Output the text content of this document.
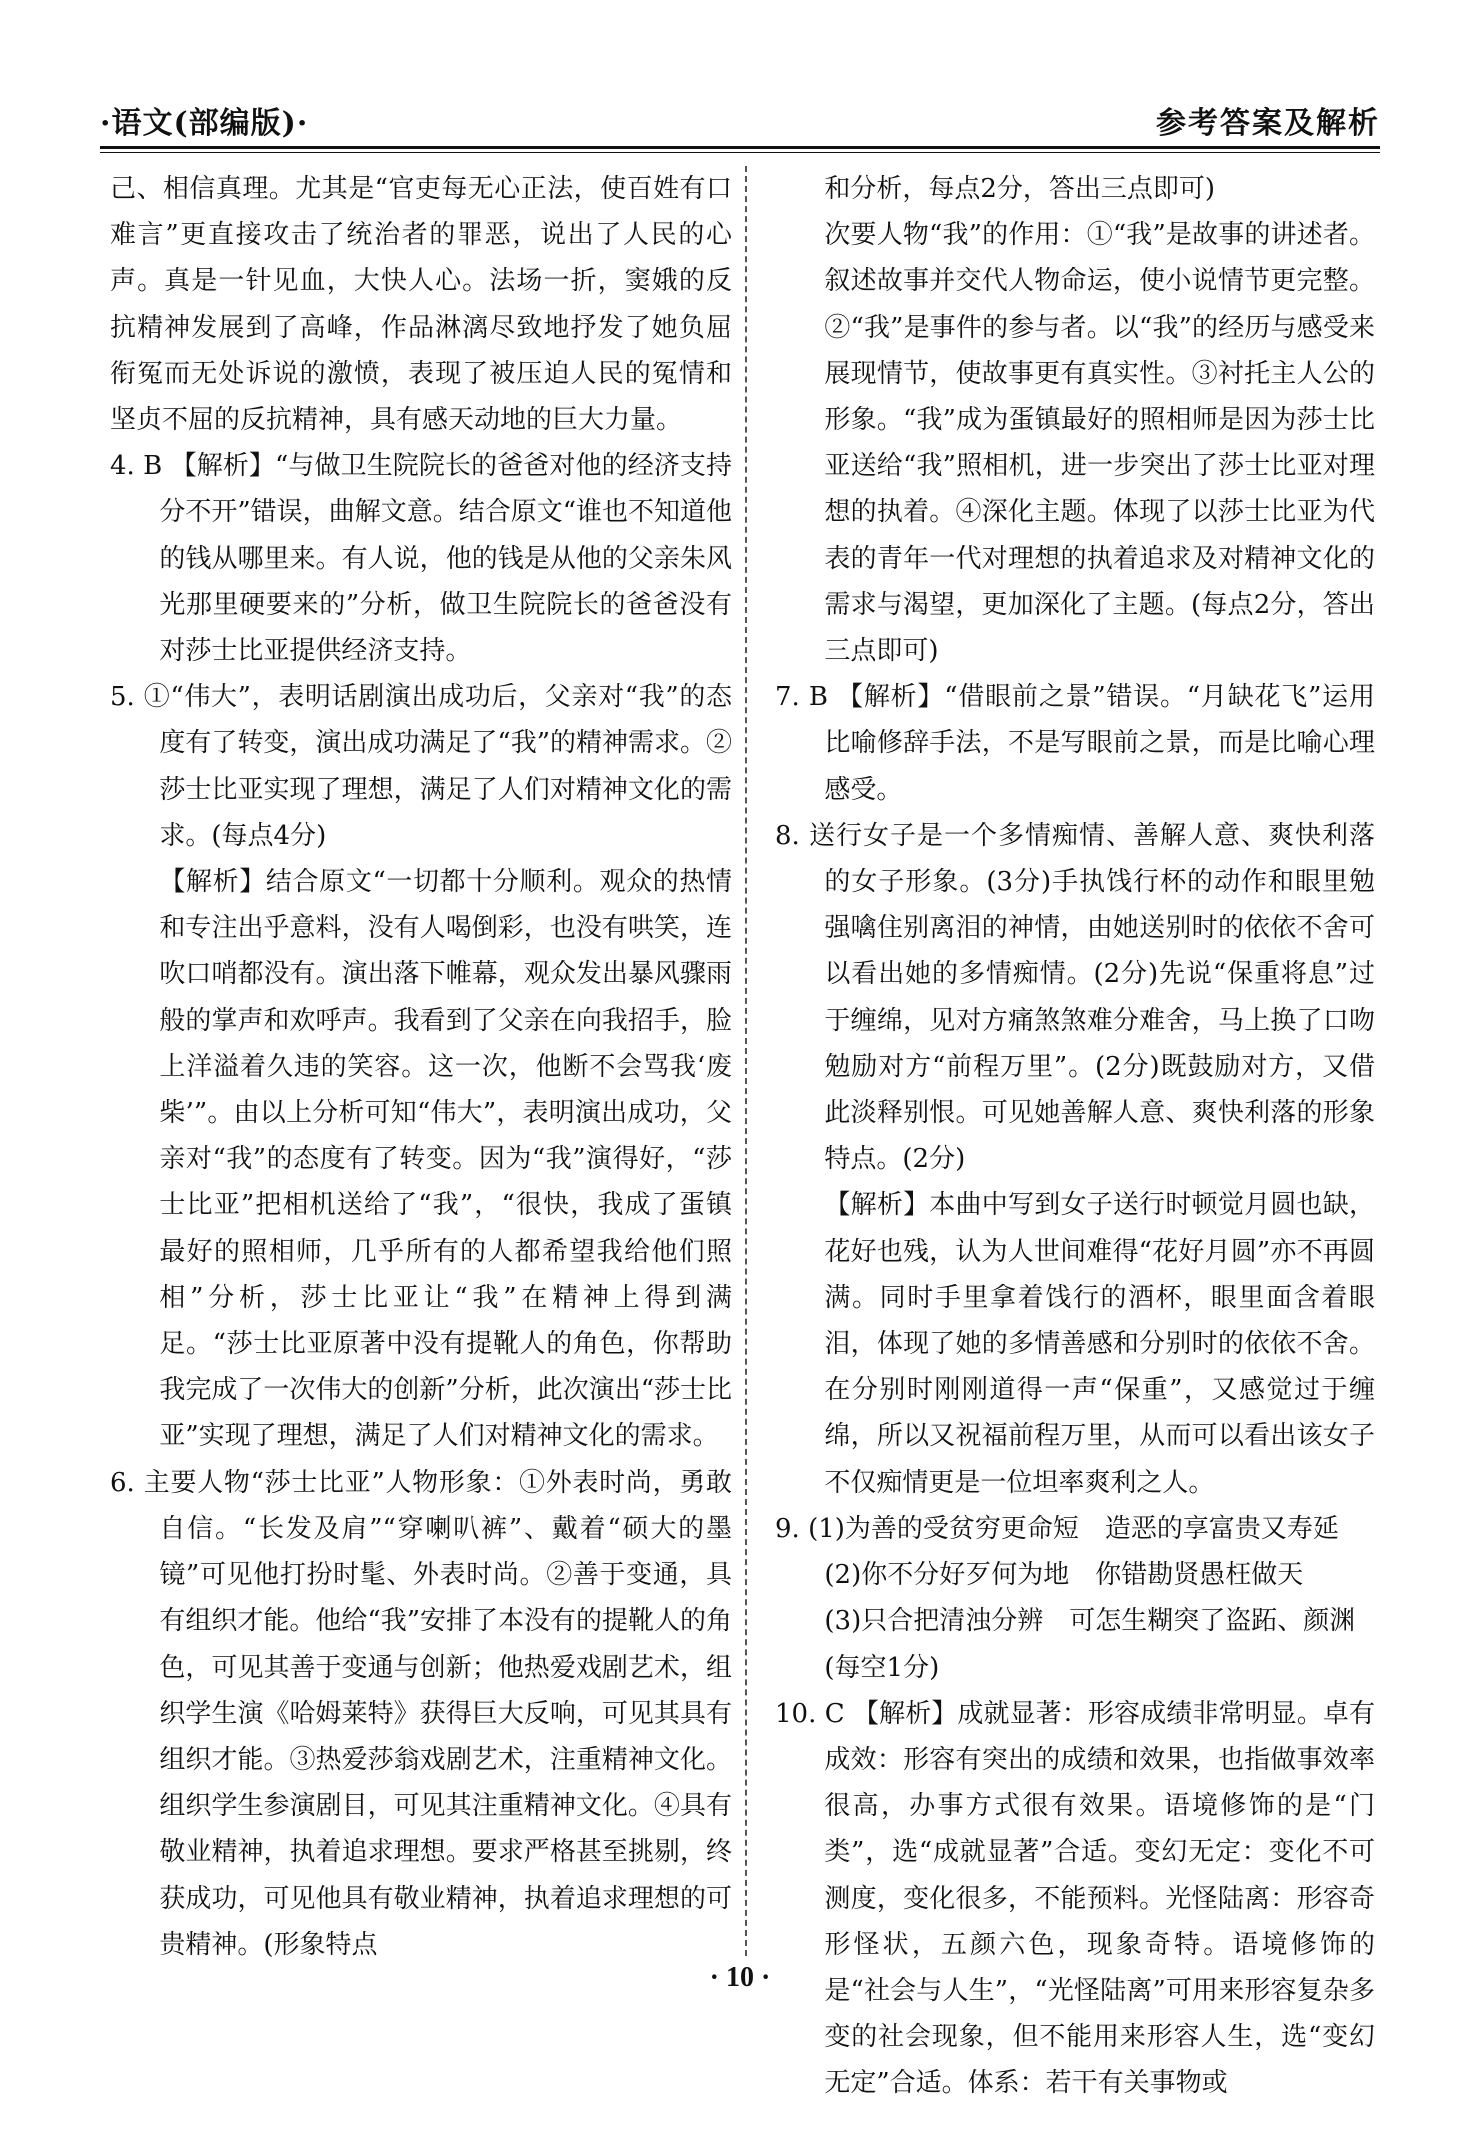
·语文(部编版)·	参考答案及解析

己、相信真理。尤其是“官吏每无心正法，使百姓有口难言”更直接攻击了统治者的罪恶，说出了人民的心声。真是一针见血，大快人心。法场一折，窦娥的反抗精神发展到了高峰，作品淋漓尽致地抒发了她负屈衔冤而无处诉说的激愤，表现了被压迫人民的冤情和坚贞不屈的反抗精神，具有感天动地的巨大力量。

4. B 【解析】“与做卫生院院长的爸爸对他的经济支持分不开”错误，曲解文意。结合原文“谁也不知道他的钱从哪里来。有人说，他的钱是从他的父亲朱风光那里硬要来的”分析，做卫生院院长的爸爸没有对莎士比亚提供经济支持。

5. ①“伟大”，表明话剧演出成功后，父亲对“我”的态度有了转变，演出成功满足了“我”的精神需求。②莎士比亚实现了理想，满足了人们对精神文化的需求。(每点4分)

【解析】结合原文“一切都十分顺利。观众的热情和专注出乎意料，没有人喝倒彩，也没有哄笑，连吹口哨都没有。演出落下帷幕，观众发出暴风骤雨般的掌声和欢呼声。我看到了父亲在向我招手，脸上洋溢着久违的笑容。这一次，他断不会骂我‘废柴’”。由以上分析可知“伟大”，表明演出成功，父亲对“我”的态度有了转变。因为“我”演得好，“莎士比亚”把相机送给了“我”，“很快，我成了蛋镇最好的照相师，几乎所有的人都希望我给他们照相”分析，莎士比亚让“我”在精神上得到满足。“莎士比亚原著中没有提靴人的角色，你帮助我完成了一次伟大的创新”分析，此次演出“莎士比亚”实现了理想，满足了人们对精神文化的需求。

6. 主要人物“莎士比亚”人物形象：①外表时尚，勇敢自信。“长发及肩”“穿喇叭裤”、戴着“硕大的墨镜”可见他打扮时髦、外表时尚。②善于变通，具有组织才能。他给“我”安排了本没有的提靴人的角色，可见其善于变通与创新；他热爱戏剧艺术，组织学生演《哈姆莱特》获得巨大反响，可见其具有组织才能。③热爱莎翁戏剧艺术，注重精神文化。组织学生参演剧目，可见其注重精神文化。④具有敬业精神，执着追求理想。要求严格甚至挑剔，终获成功，可见他具有敬业精神，执着追求理想的可贵精神。(形象特点

和分析，每点2分，答出三点即可)

次要人物“我”的作用：①“我”是故事的讲述者。叙述故事并交代人物命运，使小说情节更完整。②“我”是事件的参与者。以“我”的经历与感受来展现情节，使故事更有真实性。③衬托主人公的形象。“我”成为蛋镇最好的照相师是因为莎士比亚送给“我”照相机，进一步突出了莎士比亚对理想的执着。④深化主题。体现了以莎士比亚为代表的青年一代对理想的执着追求及对精神文化的需求与渴望，更加深化了主题。(每点2分，答出三点即可)

7. B 【解析】“借眼前之景”错误。“月缺花飞”运用比喻修辞手法，不是写眼前之景，而是比喻心理感受。

8. 送行女子是一个多情痴情、善解人意、爽快利落的女子形象。(3分)手执饯行杯的动作和眼里勉强噙住别离泪的神情，由她送别时的依依不舍可以看出她的多情痴情。(2分)先说“保重将息”过于缠绵，见对方痛煞煞难分难舍，马上换了口吻勉励对方“前程万里”。(2分)既鼓励对方，又借此淡释别恨。可见她善解人意、爽快利落的形象特点。(2分)

【解析】本曲中写到女子送行时顿觉月圆也缺，花好也残，认为人世间难得“花好月圆”亦不再圆满。同时手里拿着饯行的酒杯，眼里面含着眼泪，体现了她的多情善感和分别时的依依不舍。在分别时刚刚道得一声“保重”，又感觉过于缠绵，所以又祝福前程万里，从而可以看出该女子不仅痴情更是一位坦率爽利之人。

9. (1)为善的受贫穷更命短　造恶的享富贵又寿延

(2)你不分好歹何为地　你错勘贤愚枉做天

(3)只合把清浊分辨　可怎生糊突了盗跖、颜渊

(每空1分)

10. C 【解析】成就显著：形容成绩非常明显。卓有成效：形容有突出的成绩和效果，也指做事效率很高，办事方式很有效果。语境修饰的是“门类”，选“成就显著”合适。变幻无定：变化不可测度，变化很多，不能预料。光怪陆离：形容奇形怪状，五颜六色，现象奇特。语境修饰的是“社会与人生”，“光怪陆离”可用来形容复杂多变的社会现象，但不能用来形容人生，选“变幻无定”合适。体系：若干有关事物或

· 10 ·
